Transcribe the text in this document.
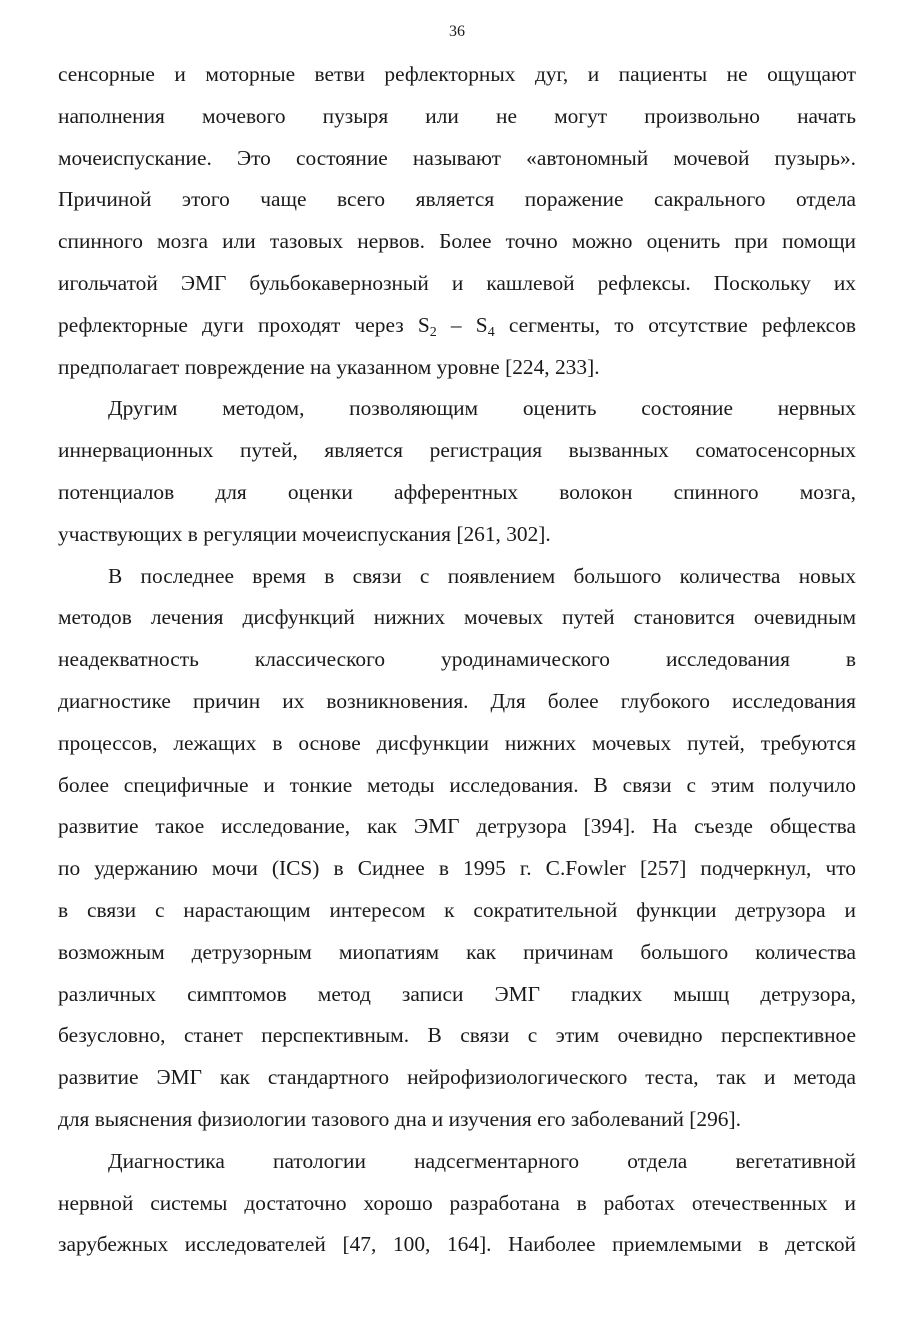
36
сенсорные и моторные ветви рефлекторных дуг, и пациенты не ощущают
наполнения мочевого пузыря или не могут произвольно начать
мочеиспускание. Это состояние называют «автономный мочевой пузырь».
Причиной этого чаще всего является поражение сакрального отдела
спинного мозга или тазовых нервов. Более точно можно оценить при помощи
игольчатой ЭМГ бульбокавернозный и кашлевой рефлексы. Поскольку их
рефлекторные дуги проходят через $S_2 - S_4$ сегменты, то отсутствие рефлексов
предполагает повреждение на указанном уровне [224, 233].
Другим методом, позволяющим оценить состояние нервных
иннервационных путей, является регистрация вызванных соматосенсорных
потенциалов для оценки афферентных волокон спинного мозга,
участвующих в регуляции мочеиспускания [261, 302].
В последнее время в связи с появлением большого количества новых
методов лечения дисфункций нижних мочевых путей становится очевидным
неадекватность классического уродинамического исследования в
диагностике причин их возникновения. Для более глубокого исследования
процессов, лежащих в основе дисфункции нижних мочевых путей, требуются
более специфичные и тонкие методы исследования. В связи с этим получило
развитие такое исследование, как ЭМГ детрузора [394]. На съезде общества
по удержанию мочи (ICS) в Сиднее в 1995 г. C.Fowler [257] подчеркнул, что
в связи с нарастающим интересом к сократительной функции детрузора и
возможным детрузорным миопатиям как причинам большого количества
различных симптомов метод записи ЭМГ гладких мышц детрузора,
безусловно, станет перспективным. В связи с этим очевидно перспективное
развитие ЭМГ как стандартного нейрофизиологического теста, так и метода
для выяснения физиологии тазового дна и изучения его заболеваний [296].
Диагностика патологии надсегментарного отдела вегетативной
нервной системы достаточно хорошо разработана в работах отечественных и
зарубежных исследователей [47, 100, 164]. Наиболее приемлемыми в детской
